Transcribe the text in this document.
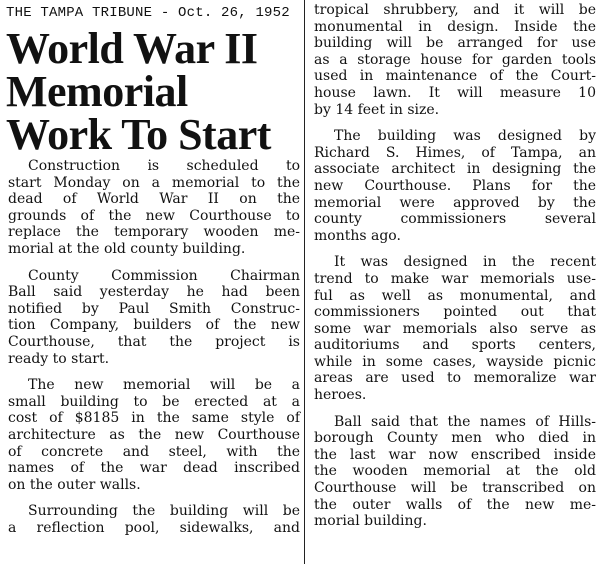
THE TAMPA TRIBUNE - Oct. 26, 1952
World War II
Memorial
Work To Start
Construction is scheduled to
start Monday on a memorial to the
dead of World War II on the
grounds of the new Courthouse to
replace the temporary wooden me-
morial at the old county building.
County Commission Chairman
Ball said yesterday he had been
notified by Paul Smith Construc-
tion Company, builders of the new
Courthouse, that the project is
ready to start.
The new memorial will be a
small building to be erected at a
cost of $8185 in the same style of
architecture as the new Courthouse
of concrete and steel, with the
names of the war dead inscribed
on the outer walls.
Surrounding the building will be
a reflection pool, sidewalks, and
tropical shrubbery, and it will be
monumental in design. Inside the
building will be arranged for use
as a storage house for garden tools
used in maintenance of the Court-
house lawn. It will measure 10
by 14 feet in size.
The building was designed by
Richard S. Himes, of Tampa, an
associate architect in designing the
new Courthouse. Plans for the
memorial were approved by the
county commissioners several
months ago.
It was designed in the recent
trend to make war memorials use-
ful as well as monumental, and
commissioners pointed out that
some war memorials also serve as
auditoriums and sports centers,
while in some cases, wayside picnic
areas are used to memoralize war
heroes.
Ball said that the names of Hills-
borough County men who died in
the last war now enscribed inside
the wooden memorial at the old
Courthouse will be transcribed on
the outer walls of the new me-
morial building.
